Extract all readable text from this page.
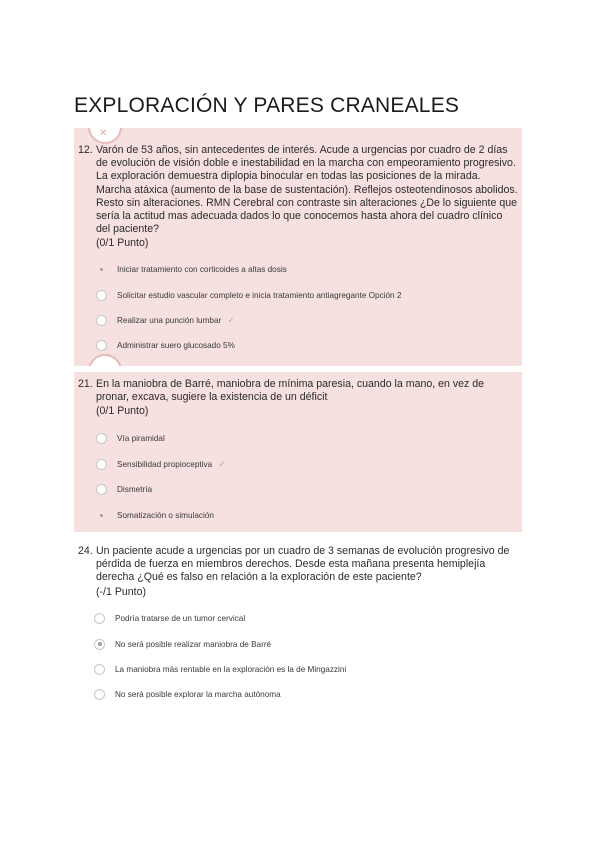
EXPLORACIÓN Y PARES CRANEALES
✕
12. Varón de 53 años, sin antecedentes de interés. Acude a urgencias por cuadro de 2 días de evolución de visión doble e inestabilidad en la marcha con empeoramiento progresivo. La exploración demuestra diplopia binocular en todas las posiciones de la mirada. Marcha atáxica (aumento de la base de sustentación). Reflejos osteotendinosos abolidos. Resto sin alteraciones. RMN Cerebral con contraste sin alteraciones ¿De lo siguiente que sería la actitud mas adecuada dados lo que conocemos hasta ahora del cuadro clínico del paciente?
(0/1 Punto)
Iniciar tratamiento con corticoides a altas dosis
Solicitar estudio vascular completo e inicia tratamiento antiagregante Opción 2
Realizar una punción lumbar ✓
Administrar suero glucosado 5%
21. En la maniobra de Barré, maniobra de mínima paresia, cuando la mano, en vez de pronar, excava, sugiere la existencia de un déficit
(0/1 Punto)
Vía piramidal
Sensibilidad propioceptiva ✓
Dismetría
Somatización o simulación
24. Un paciente acude a urgencias por un cuadro de 3 semanas de evolución progresivo de pérdida de fuerza en miembros derechos. Desde esta mañana presenta hemiplejía derecha ¿Qué es falso en relación a la exploración de este paciente?
(-/1 Punto)
Podría tratarse de un tumor cervical
No será posible realizar maniobra de Barré
La maniobra más rentable en la exploración es la de Mingazzini
No será posible explorar la marcha autónoma
